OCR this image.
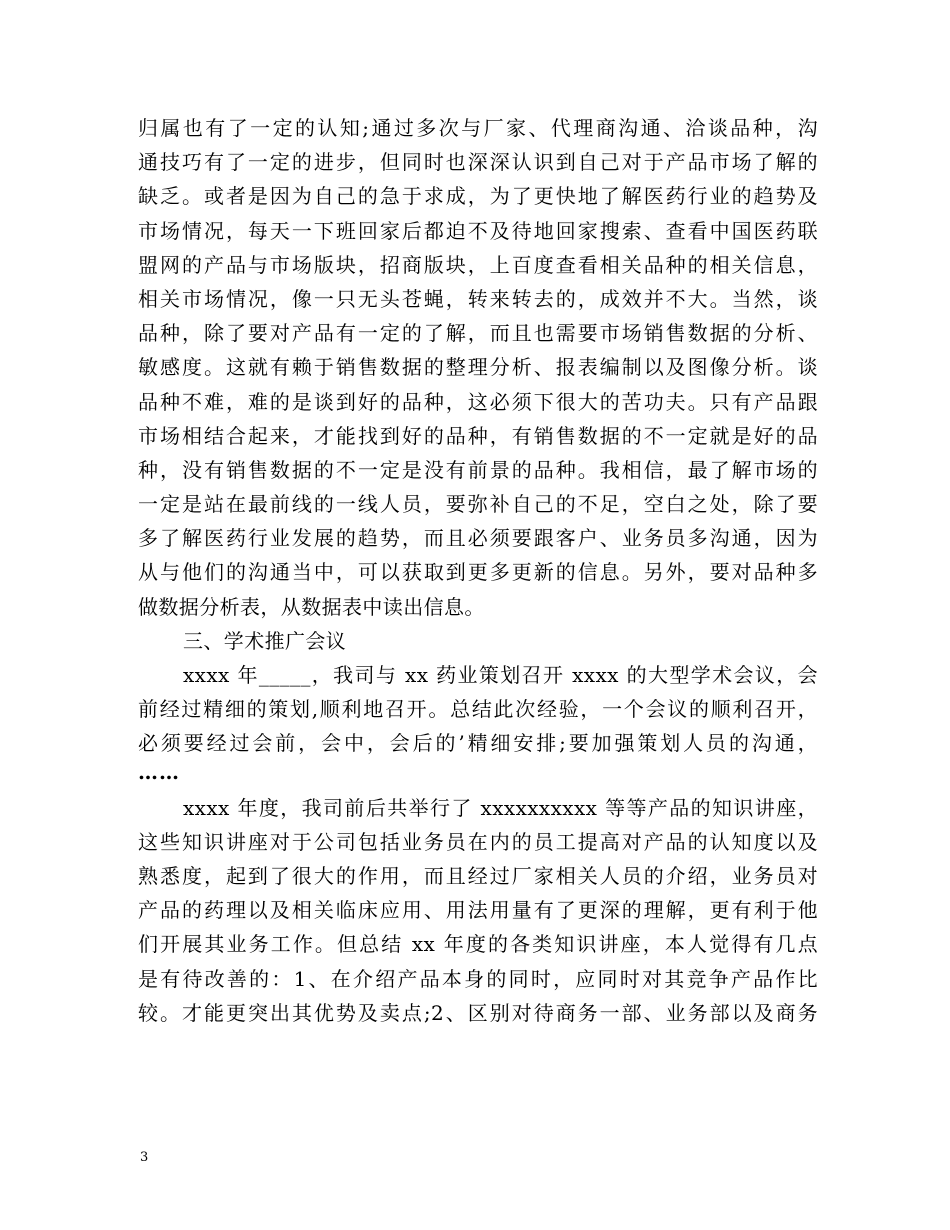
归属也有了一定的认知;通过多次与厂家、代理商沟通、洽谈品种，沟
通技巧有了一定的进步，但同时也深深认识到自己对于产品市场了解的
缺乏。或者是因为自己的急于求成，为了更快地了解医药行业的趋势及
市场情况，每天一下班回家后都迫不及待地回家搜索、查看中国医药联
盟网的产品与市场版块，招商版块，上百度查看相关品种的相关信息，
相关市场情况，像一只无头苍蝇，转来转去的，成效并不大。当然，谈
品种，除了要对产品有一定的了解，而且也需要市场销售数据的分析、
敏感度。这就有赖于销售数据的整理分析、报表编制以及图像分析。谈
品种不难，难的是谈到好的品种，这必须下很大的苦功夫。只有产品跟
市场相结合起来，才能找到好的品种，有销售数据的不一定就是好的品
种，没有销售数据的不一定是没有前景的品种。我相信，最了解市场的
一定是站在最前线的一线人员，要弥补自己的不足，空白之处，除了要
多了解医药行业发展的趋势，而且必须要跟客户、业务员多沟通，因为
从与他们的沟通当中，可以获取到更多更新的信息。另外，要对品种多
做数据分析表，从数据表中读出信息。
三、学术推广会议
xxxx 年_____，我司与 xx 药业策划召开 xxxx 的大型学术会议，会
前经过精细的策划,顺利地召开。总结此次经验，一个会议的顺利召开，
必须要经过会前，会中，会后的’精细安排;要加强策划人员的沟通，
……
xxxx 年度，我司前后共举行了 xxxxxxxxxx 等等产品的知识讲座，
这些知识讲座对于公司包括业务员在内的员工提高对产品的认知度以及
熟悉度，起到了很大的作用，而且经过厂家相关人员的介绍，业务员对
产品的药理以及相关临床应用、用法用量有了更深的理解，更有利于他
们开展其业务工作。但总结 xx 年度的各类知识讲座，本人觉得有几点
是有待改善的：1、在介绍产品本身的同时，应同时对其竞争产品作比
较。才能更突出其优势及卖点;2、区别对待商务一部、业务部以及商务
3
